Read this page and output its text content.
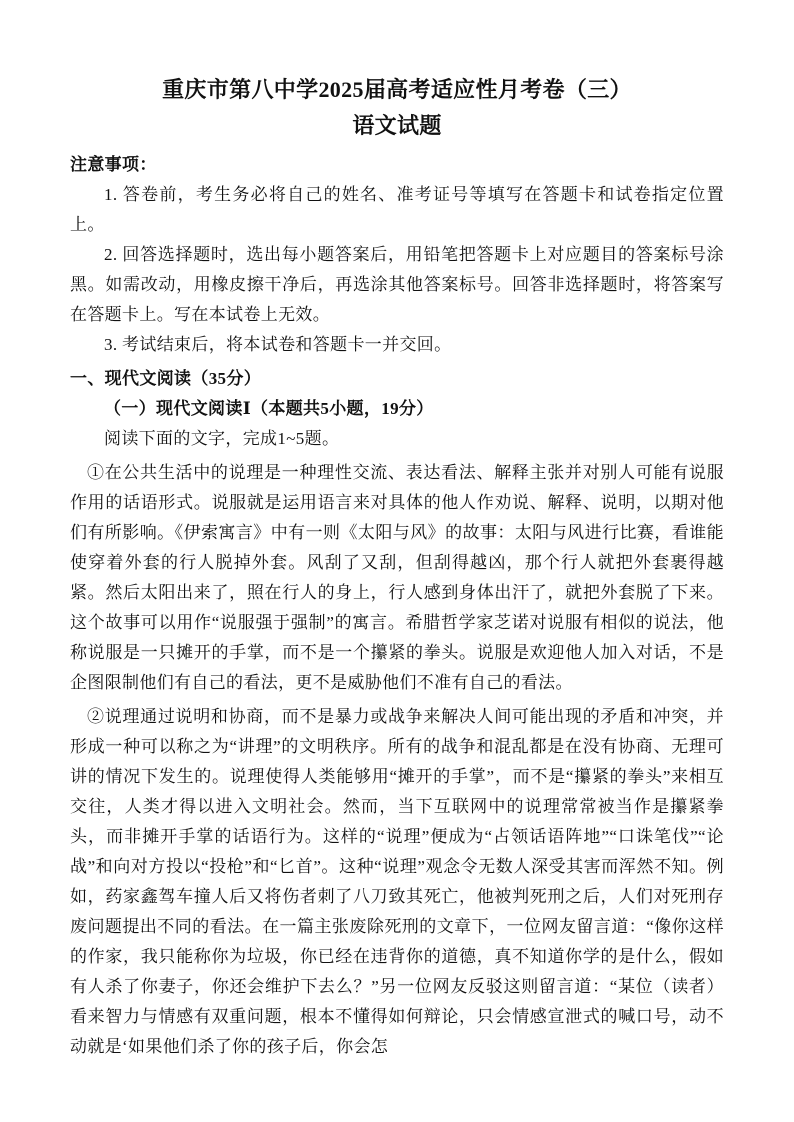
重庆市第八中学2025届高考适应性月考卷（三）
语文试题
注意事项：

1. 答卷前，考生务必将自己的姓名、准考证号等填写在答题卡和试卷指定位置上。

2. 回答选择题时，选出每小题答案后，用铅笔把答题卡上对应题目的答案标号涂黑。如需改动，用橡皮擦干净后，再选涂其他答案标号。回答非选择题时，将答案写在答题卡上。写在本试卷上无效。

3. 考试结束后，将本试卷和答题卡一并交回。

一、现代文阅读（35分）

（一）现代文阅读Ⅰ（本题共5小题，19分）

阅读下面的文字，完成1~5题。

①在公共生活中的说理是一种理性交流、表达看法、解释主张并对别人可能有说服作用的话语形式。说服就是运用语言来对具体的他人作劝说、解释、说明，以期对他们有所影响。《伊索寓言》中有一则《太阳与风》的故事：太阳与风进行比赛，看谁能使穿着外套的行人脱掉外套。风刮了又刮，但刮得越凶，那个行人就把外套裹得越紧。然后太阳出来了，照在行人的身上，行人感到身体出汗了，就把外套脱了下来。这个故事可以用作“说服强于强制”的寓言。希腊哲学家芝诺对说服有相似的说法，他称说服是一只摊开的手掌，而不是一个攥紧的拳头。说服是欢迎他人加入对话，不是企图限制他们有自己的看法，更不是威胁他们不准有自己的看法。

②说理通过说明和协商，而不是暴力或战争来解决人间可能出现的矛盾和冲突，并形成一种可以称之为“讲理”的文明秩序。所有的战争和混乱都是在没有协商、无理可讲的情况下发生的。说理使得人类能够用“摊开的手掌”，而不是“攥紧的拳头”来相互交往，人类才得以进入文明社会。然而，当下互联网中的说理常常被当作是攥紧拳头，而非摊开手掌的话语行为。这样的“说理”便成为“占领话语阵地”“口诛笔伐”“论战”和向对方投以“投枪”和“匕首”。这种“说理”观念令无数人深受其害而浑然不知。例如，药家鑫驾车撞人后又将伤者刺了八刀致其死亡，他被判死刑之后，人们对死刑存废问题提出不同的看法。在一篇主张废除死刑的文章下，一位网友留言道：“像你这样的作家，我只能称你为垃圾，你已经在违背你的道德，真不知道你学的是什么，假如有人杀了你妻子，你还会维护下去么？”另一位网友反驳这则留言道：“某位（读者）看来智力与情感有双重问题，根本不懂得如何辩论，只会情感宣泄式的喊口号，动不动就是‘如果他们杀了你的孩子后，你会怎
